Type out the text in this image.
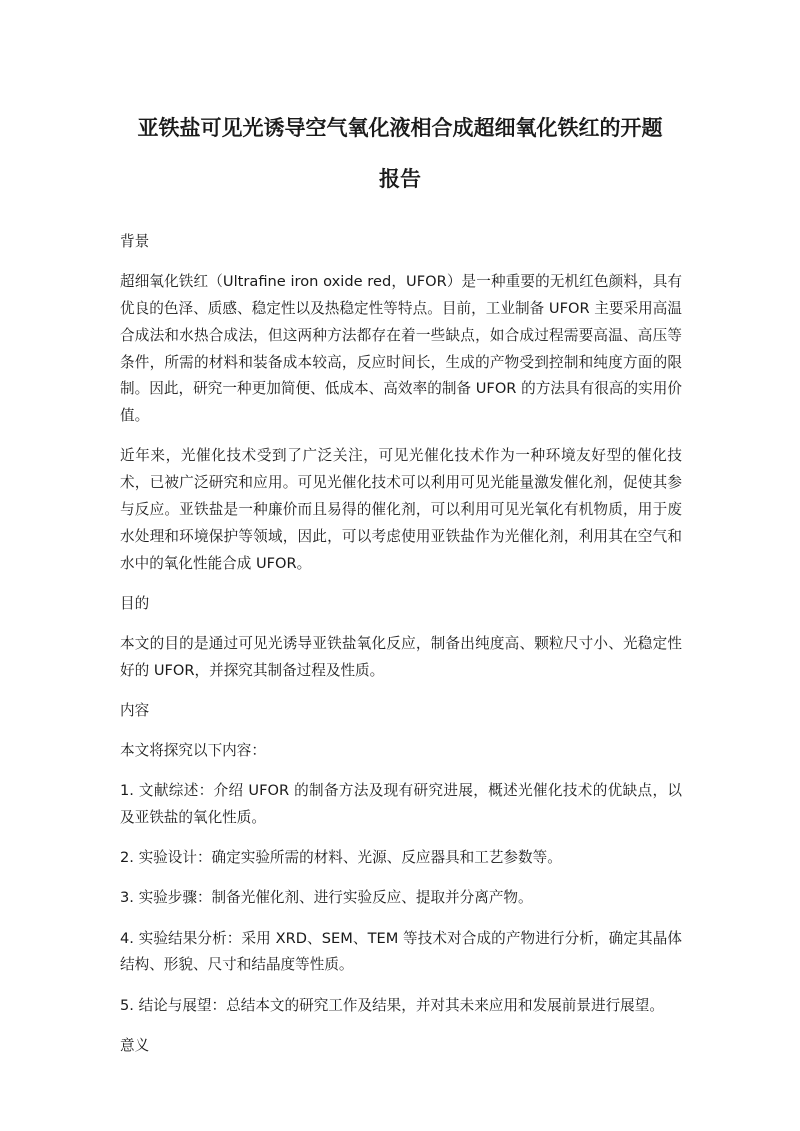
亚铁盐可见光诱导空气氧化液相合成超细氧化铁红的开题
报告

背景

超细氧化铁红（Ultrafine iron oxide red，UFOR）是一种重要的无机红色颜料，具有优良的色泽、质感、稳定性以及热稳定性等特点。目前，工业制备 UFOR 主要采用高温合成法和水热合成法，但这两种方法都存在着一些缺点，如合成过程需要高温、高压等条件，所需的材料和装备成本较高，反应时间长，生成的产物受到控制和纯度方面的限制。因此，研究一种更加简便、低成本、高效率的制备 UFOR 的方法具有很高的实用价值。

近年来，光催化技术受到了广泛关注，可见光催化技术作为一种环境友好型的催化技术，已被广泛研究和应用。可见光催化技术可以利用可见光能量激发催化剂，促使其参与反应。亚铁盐是一种廉价而且易得的催化剂，可以利用可见光氧化有机物质，用于废水处理和环境保护等领域，因此，可以考虑使用亚铁盐作为光催化剂，利用其在空气和水中的氧化性能合成 UFOR。

目的

本文的目的是通过可见光诱导亚铁盐氧化反应，制备出纯度高、颗粒尺寸小、光稳定性好的 UFOR，并探究其制备过程及性质。

内容

本文将探究以下内容：

1. 文献综述：介绍 UFOR 的制备方法及现有研究进展，概述光催化技术的优缺点，以及亚铁盐的氧化性质。

2. 实验设计：确定实验所需的材料、光源、反应器具和工艺参数等。

3. 实验步骤：制备光催化剂、进行实验反应、提取并分离产物。

4. 实验结果分析：采用 XRD、SEM、TEM 等技术对合成的产物进行分析，确定其晶体结构、形貌、尺寸和结晶度等性质。

5. 结论与展望：总结本文的研究工作及结果，并对其未来应用和发展前景进行展望。

意义
